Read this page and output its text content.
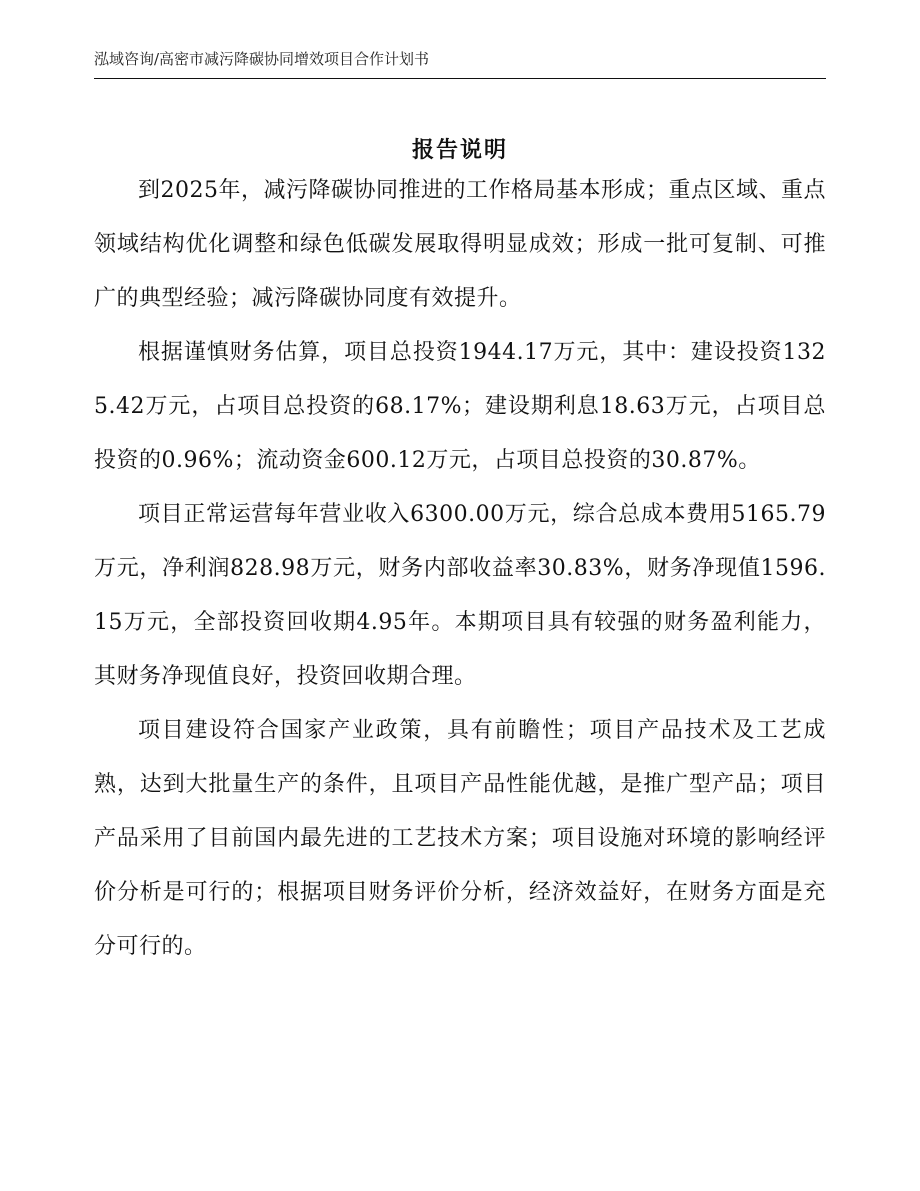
泓域咨询/高密市减污降碳协同增效项目合作计划书
报告说明

到2025年，减污降碳协同推进的工作格局基本形成；重点区域、重点领域结构优化调整和绿色低碳发展取得明显成效；形成一批可复制、可推广的典型经验；减污降碳协同度有效提升。

根据谨慎财务估算，项目总投资1944.17万元，其中：建设投资1325.42万元，占项目总投资的68.17%；建设期利息18.63万元，占项目总投资的0.96%；流动资金600.12万元，占项目总投资的30.87%。

项目正常运营每年营业收入6300.00万元，综合总成本费用5165.79万元，净利润828.98万元，财务内部收益率30.83%，财务净现值1596.15万元，全部投资回收期4.95年。本期项目具有较强的财务盈利能力，其财务净现值良好，投资回收期合理。

项目建设符合国家产业政策，具有前瞻性；项目产品技术及工艺成熟，达到大批量生产的条件，且项目产品性能优越，是推广型产品；项目产品采用了目前国内最先进的工艺技术方案；项目设施对环境的影响经评价分析是可行的；根据项目财务评价分析，经济效益好，在财务方面是充分可行的。
